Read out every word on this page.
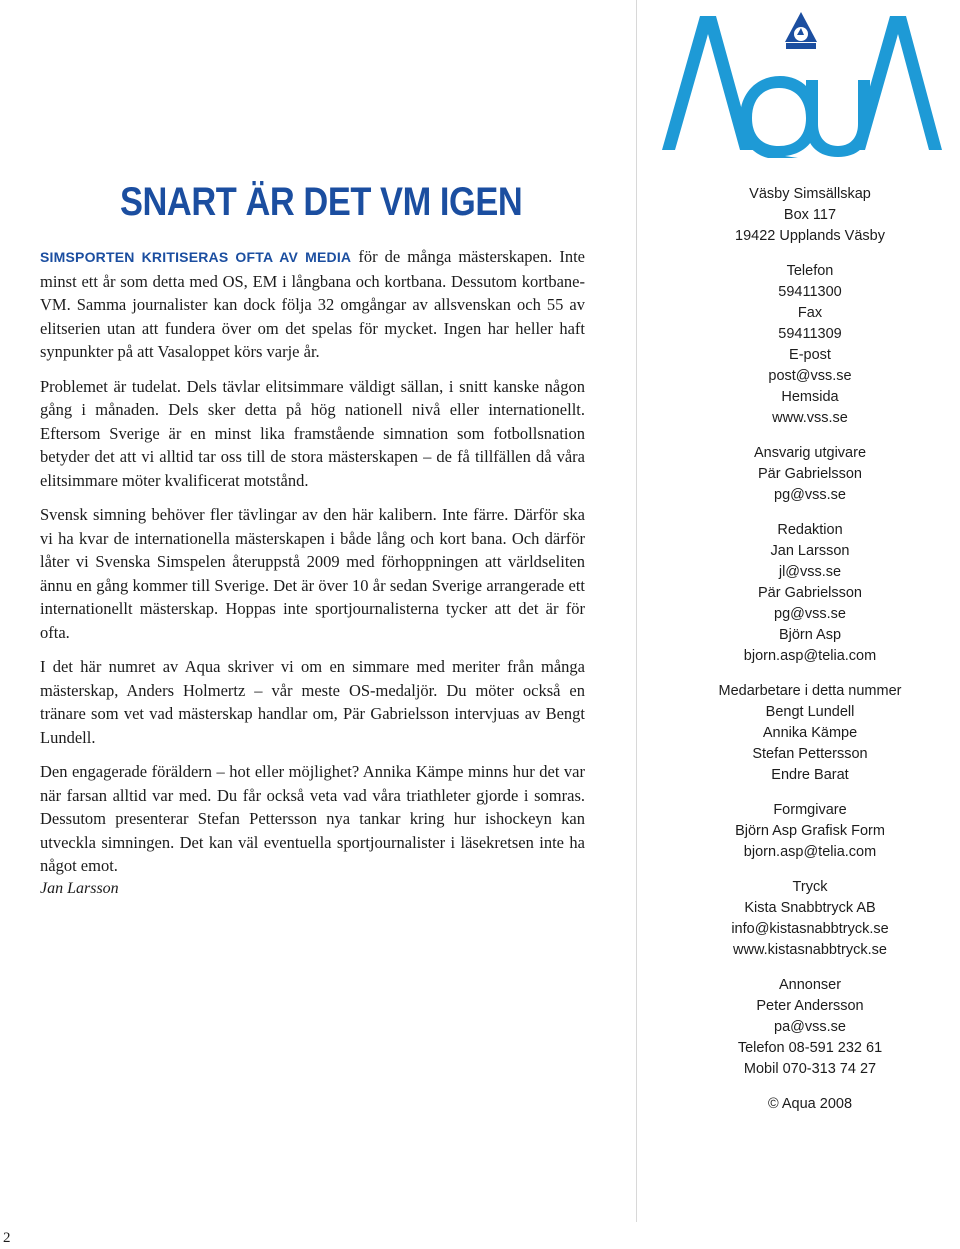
SNART ÄR DET VM IGEN

SIMSPORTEN KRITISERAS OFTA AV MEDIA för de många mästerskapen. Inte minst ett år som detta med OS, EM i långbana och kortbana. Dessutom kortbane-VM. Samma journalister kan dock följa 32 omgångar av allsvenskan och 55 av elitserien utan att fundera över om det spelas för mycket. Ingen har heller haft synpunkter på att Vasaloppet körs varje år.

Problemet är tudelat. Dels tävlar elitsimmare väldigt sällan, i snitt kanske någon gång i månaden. Dels sker detta på hög nationell nivå eller internationellt. Eftersom Sverige är en minst lika framstående simnation som fotbollsnation betyder det att vi alltid tar oss till de stora mästerskapen – de få tillfällen då våra elitsimmare möter kvalificerat motstånd.

Svensk simning behöver fler tävlingar av den här kalibern. Inte färre. Därför ska vi ha kvar de internationella mästerskapen i både lång och kort bana. Och därför låter vi Svenska Simspelen återuppstå 2009 med förhoppningen att världseliten ännu en gång kommer till Sverige. Det är över 10 år sedan Sverige arrangerade ett internationellt mästerskap. Hoppas inte sportjournalisterna tycker att det är för ofta.

I det här numret av Aqua skriver vi om en simmare med meriter från många mästerskap, Anders Holmertz – vår meste OS-medaljör. Du möter också en tränare som vet vad mästerskap handlar om, Pär Gabrielsson intervjuas av Bengt Lundell.

Den engagerade föräldern – hot eller möjlighet? Annika Kämpe minns hur det var när farsan alltid var med. Du får också veta vad våra triathleter gjorde i somras. Dessutom presenterar Stefan Pettersson nya tankar kring hur ishockeyn kan utveckla simningen. Det kan väl eventuella sportjournalister i läsekretsen inte ha något emot.

Jan Larsson
AQUA
Väsby Simsällskap
Box 117
19422 Upplands Väsby
Telefon
59411300
Fax
59411309
E-post
post@vss.se
Hemsida
www.vss.se
Ansvarig utgivare
Pär Gabrielsson
pg@vss.se
Redaktion
Jan Larsson
jl@vss.se
Pär Gabrielsson
pg@vss.se
Björn Asp
bjorn.asp@telia.com
Medarbetare i detta nummer
Bengt Lundell
Annika Kämpe
Stefan Pettersson
Endre Barat
Formgivare
Björn Asp Grafisk Form
bjorn.asp@telia.com
Tryck
Kista Snabbtryck AB
info@kistasnabbtryck.se
www.kistasnabbtryck.se
Annonser
Peter Andersson
pa@vss.se
Telefon 08-591 232 61
Mobil 070-313 74 27
© Aqua 2008
2
